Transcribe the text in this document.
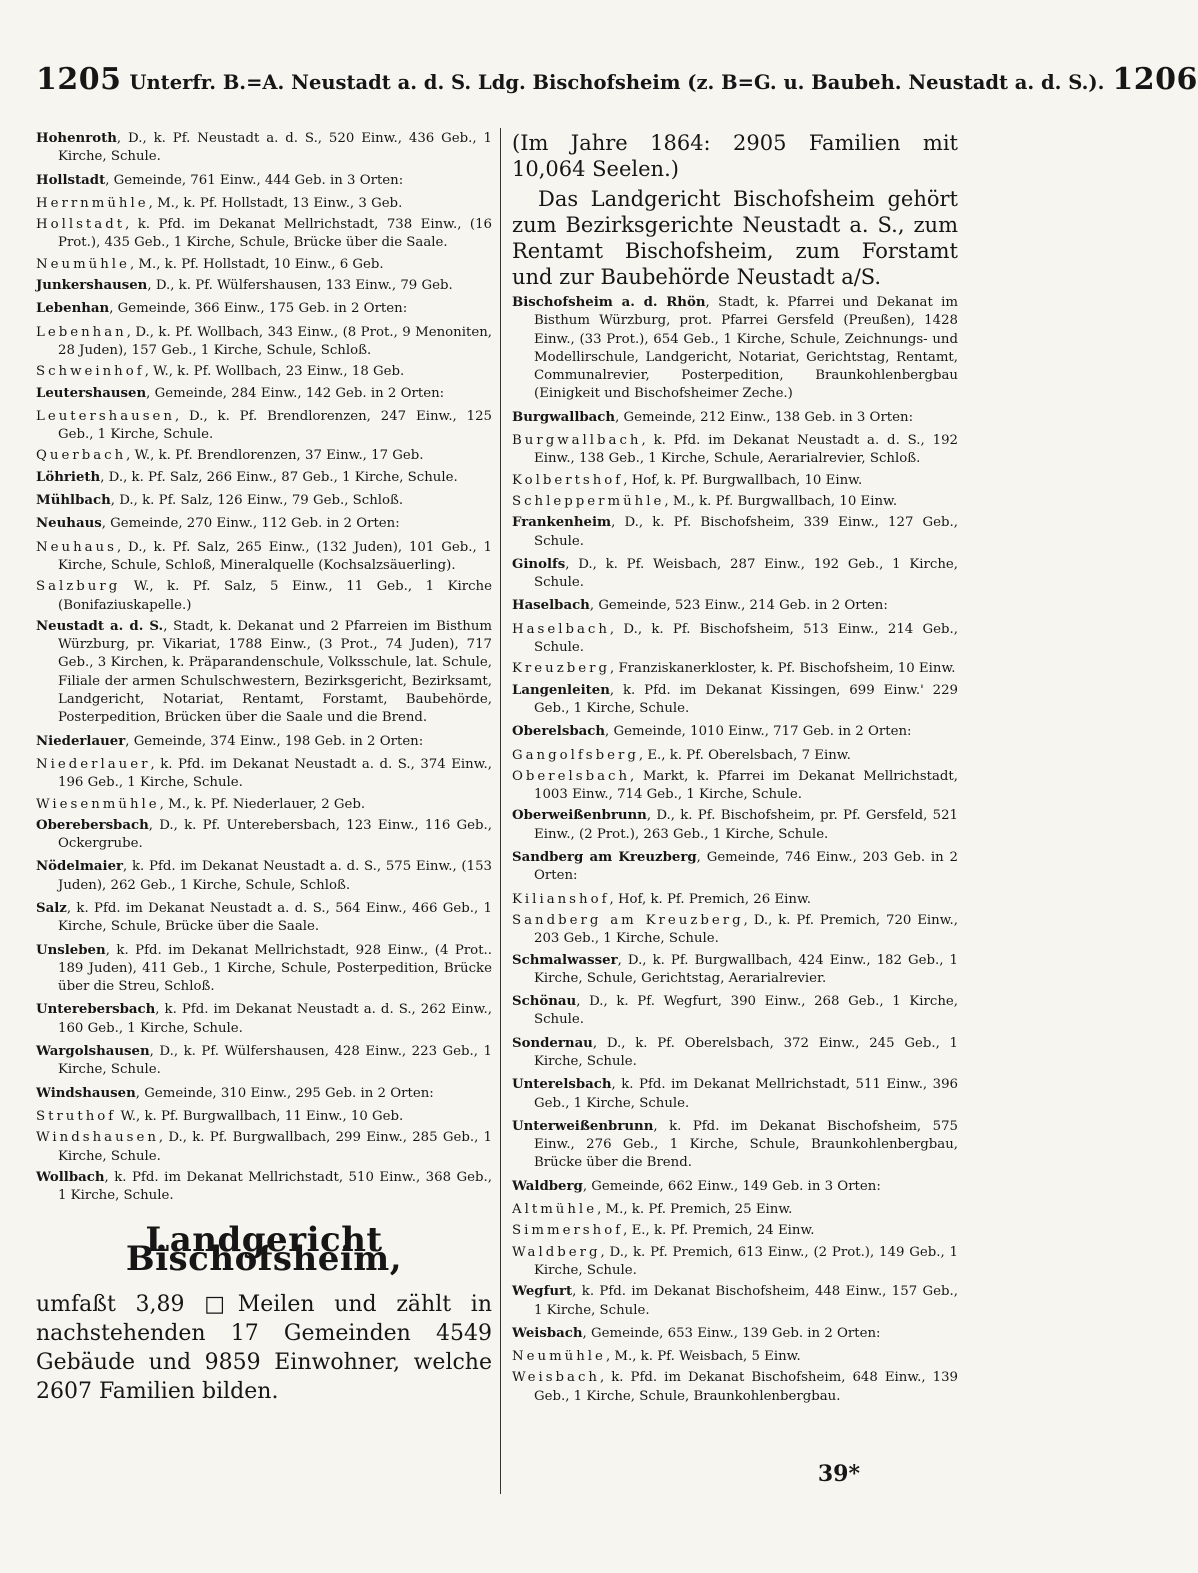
1205 Unterfr. B.=A. Neustadt a. d. S. Ldg. Bischofsheim (z. B=G. u. Baubeh. Neustadt a. d. S.). 1206

Hohenroth, D., k. Pf. Neustadt a. d. S., 520 Einw., 436 Geb., 1 Kirche, Schule.

Hollstadt, Gemeinde, 761 Einw., 444 Geb. in 3 Orten:

Herrnmühle, M., k. Pf. Hollstadt, 13 Einw., 3 Geb.

Hollstadt, k. Pfd. im Dekanat Mellrichstadt, 738 Einw., (16 Prot.), 435 Geb., 1 Kirche, Schule, Brücke über die Saale.

Neumühle, M., k. Pf. Hollstadt, 10 Einw., 6 Geb.

Junkershausen, D., k. Pf. Wülfershausen, 133 Einw., 79 Geb.

Lebenhan, Gemeinde, 366 Einw., 175 Geb. in 2 Orten:

Lebenhan, D., k. Pf. Wollbach, 343 Einw., (8 Prot., 9 Menoniten, 28 Juden), 157 Geb., 1 Kirche, Schule, Schloß.

Schweinhof, W., k. Pf. Wollbach, 23 Einw., 18 Geb.

Leutershausen, Gemeinde, 284 Einw., 142 Geb. in 2 Orten:

Leutershausen, D., k. Pf. Brendlorenzen, 247 Einw., 125 Geb., 1 Kirche, Schule.

Querbach, W., k. Pf. Brendlorenzen, 37 Einw., 17 Geb.

Löhrieth, D., k. Pf. Salz, 266 Einw., 87 Geb., 1 Kirche, Schule.

Mühlbach, D., k. Pf. Salz, 126 Einw., 79 Geb., Schloß.

Neuhaus, Gemeinde, 270 Einw., 112 Geb. in 2 Orten:

Neuhaus, D., k. Pf. Salz, 265 Einw., (132 Juden), 101 Geb., 1 Kirche, Schule, Schloß, Mineralquelle (Kochsalzsäuerling).

Salzburg W., k. Pf. Salz, 5 Einw., 11 Geb., 1 Kirche (Bonifaziuskapelle.)

Neustadt a. d. S., Stadt, k. Dekanat und 2 Pfarreien im Bisthum Würzburg, pr. Vikariat, 1788 Einw., (3 Prot., 74 Juden), 717 Geb., 3 Kirchen, k. Präparandenschule, Volksschule, lat. Schule, Filiale der armen Schulschwestern, Bezirksgericht, Bezirksamt, Landgericht, Notariat, Rentamt, Forstamt, Baubehörde, Posterpedition, Brücken über die Saale und die Brend.

Niederlauer, Gemeinde, 374 Einw., 198 Geb. in 2 Orten:

Niederlauer, k. Pfd. im Dekanat Neustadt a. d. S., 374 Einw., 196 Geb., 1 Kirche, Schule.

Wiesenmühle, M., k. Pf. Niederlauer, 2 Geb.

Oberebersbach, D., k. Pf. Unterebersbach, 123 Einw., 116 Geb., Ockergrube.

Nödelmaier, k. Pfd. im Dekanat Neustadt a. d. S., 575 Einw., (153 Juden), 262 Geb., 1 Kirche, Schule, Schloß.

Salz, k. Pfd. im Dekanat Neustadt a. d. S., 564 Einw., 466 Geb., 1 Kirche, Schule, Brücke über die Saale.

Unsleben, k. Pfd. im Dekanat Mellrichstadt, 928 Einw., (4 Prot.. 189 Juden), 411 Geb., 1 Kirche, Schule, Posterpedition, Brücke über die Streu, Schloß.

Unterebersbach, k. Pfd. im Dekanat Neustadt a. d. S., 262 Einw., 160 Geb., 1 Kirche, Schule.

Wargolshausen, D., k. Pf. Wülfershausen, 428 Einw., 223 Geb., 1 Kirche, Schule.

Windshausen, Gemeinde, 310 Einw., 295 Geb. in 2 Orten:

Struthof W., k. Pf. Burgwallbach, 11 Einw., 10 Geb.

Windshausen, D., k. Pf. Burgwallbach, 299 Einw., 285 Geb., 1 Kirche, Schule.

Wollbach, k. Pfd. im Dekanat Mellrichstadt, 510 Einw., 368 Geb., 1 Kirche, Schule.

Landgericht Bischofsheim,

umfaßt 3,89 □Meilen und zählt in nachstehenden 17 Gemeinden 4549 Gebäude und 9859 Einwohner, welche 2607 Familien bilden.

(Im Jahre 1864: 2905 Familien mit 10,064 Seelen.)

Das Landgericht Bischofsheim gehört zum Bezirksgerichte Neustadt a. S., zum Rentamt Bischofsheim, zum Forstamt und zur Baubehörde Neustadt a/S.

Bischofsheim a. d. Rhön, Stadt, k. Pfarrei und Dekanat im Bisthum Würzburg, prot. Pfarrei Gersfeld (Preußen), 1428 Einw., (33 Prot.), 654 Geb., 1 Kirche, Schule, Zeichnungs- und Modellirschule, Landgericht, Notariat, Gerichtstag, Rentamt, Communalrevier, Posterpedition, Braunkohlenbergbau (Einigkeit und Bischofsheimer Zeche.)

Burgwallbach, Gemeinde, 212 Einw., 138 Geb. in 3 Orten:

Burgwallbach, k. Pfd. im Dekanat Neustadt a. d. S., 192 Einw., 138 Geb., 1 Kirche, Schule, Aerarialrevier, Schloß.

Kolbertshof, Hof, k. Pf. Burgwallbach, 10 Einw.

Schleppermühle, M., k. Pf. Burgwallbach, 10 Einw.

Frankenheim, D., k. Pf. Bischofsheim, 339 Einw., 127 Geb., Schule.

Ginolfs, D., k. Pf. Weisbach, 287 Einw., 192 Geb., 1 Kirche, Schule.

Haselbach, Gemeinde, 523 Einw., 214 Geb. in 2 Orten:

Haselbach, D., k. Pf. Bischofsheim, 513 Einw., 214 Geb., Schule.

Kreuzberg, Franziskanerkloster, k. Pf. Bischofsheim, 10 Einw.

Langenleiten, k. Pfd. im Dekanat Kissingen, 699 Einw.' 229 Geb., 1 Kirche, Schule.

Oberelsbach, Gemeinde, 1010 Einw., 717 Geb. in 2 Orten:

Gangolfsberg, E., k. Pf. Oberelsbach, 7 Einw.

Oberelsbach, Markt, k. Pfarrei im Dekanat Mellrichstadt, 1003 Einw., 714 Geb., 1 Kirche, Schule.

Oberweißenbrunn, D., k. Pf. Bischofsheim, pr. Pf. Gersfeld, 521 Einw., (2 Prot.), 263 Geb., 1 Kirche, Schule.

Sandberg am Kreuzberg, Gemeinde, 746 Einw., 203 Geb. in 2 Orten:

Kilianshof, Hof, k. Pf. Premich, 26 Einw.

Sandberg am Kreuzberg, D., k. Pf. Premich, 720 Einw., 203 Geb., 1 Kirche, Schule.

Schmalwasser, D., k. Pf. Burgwallbach, 424 Einw., 182 Geb., 1 Kirche, Schule, Gerichtstag, Aerarialrevier.

Schönau, D., k. Pf. Wegfurt, 390 Einw., 268 Geb., 1 Kirche, Schule.

Sondernau, D., k. Pf. Oberelsbach, 372 Einw., 245 Geb., 1 Kirche, Schule.

Unterelsbach, k. Pfd. im Dekanat Mellrichstadt, 511 Einw., 396 Geb., 1 Kirche, Schule.

Unterweißenbrunn, k. Pfd. im Dekanat Bischofsheim, 575 Einw., 276 Geb., 1 Kirche, Schule, Braunkohlenbergbau, Brücke über die Brend.

Waldberg, Gemeinde, 662 Einw., 149 Geb. in 3 Orten:

Altmühle, M., k. Pf. Premich, 25 Einw.

Simmershof, E., k. Pf. Premich, 24 Einw.

Waldberg, D., k. Pf. Premich, 613 Einw., (2 Prot.), 149 Geb., 1 Kirche, Schule.

Wegfurt, k. Pfd. im Dekanat Bischofsheim, 448 Einw., 157 Geb., 1 Kirche, Schule.

Weisbach, Gemeinde, 653 Einw., 139 Geb. in 2 Orten:

Neumühle, M., k. Pf. Weisbach, 5 Einw.

Weisbach, k. Pfd. im Dekanat Bischofsheim, 648 Einw., 139 Geb., 1 Kirche, Schule, Braunkohlenbergbau.

39*
